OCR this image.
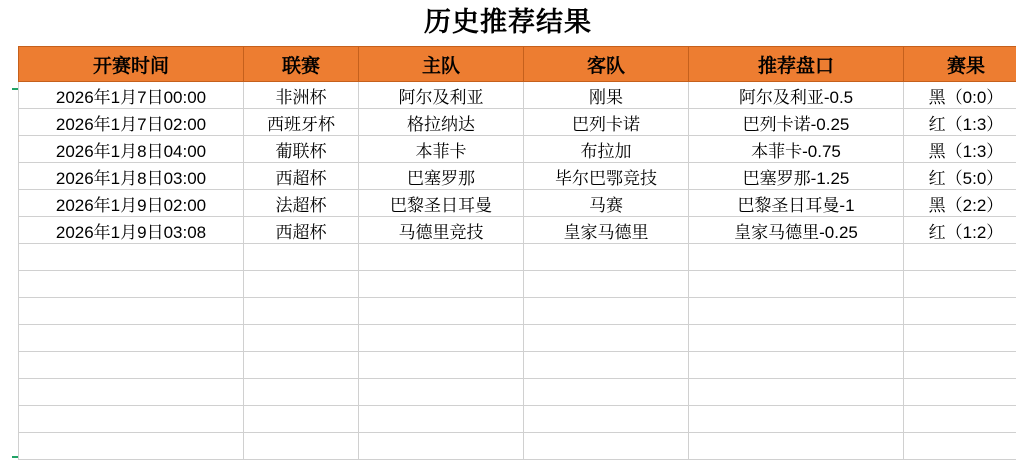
历史推荐结果
开赛时间	联赛	主队	客队	推荐盘口	赛果
2026年1月7日00:00	非洲杯	阿尔及利亚	刚果	阿尔及利亚-0.5	黑（0:0）
2026年1月7日02:00	西班牙杯	格拉纳达	巴列卡诺	巴列卡诺-0.25	红（1:3）
2026年1月8日04:00	葡联杯	本菲卡	布拉加	本菲卡-0.75	黑（1:3）
2026年1月8日03:00	西超杯	巴塞罗那	毕尔巴鄂竞技	巴塞罗那-1.25	红（5:0）
2026年1月9日02:00	法超杯	巴黎圣日耳曼	马赛	巴黎圣日耳曼-1	黑（2:2）
2026年1月9日03:08	西超杯	马德里竞技	皇家马德里	皇家马德里-0.25	红（1:2）
